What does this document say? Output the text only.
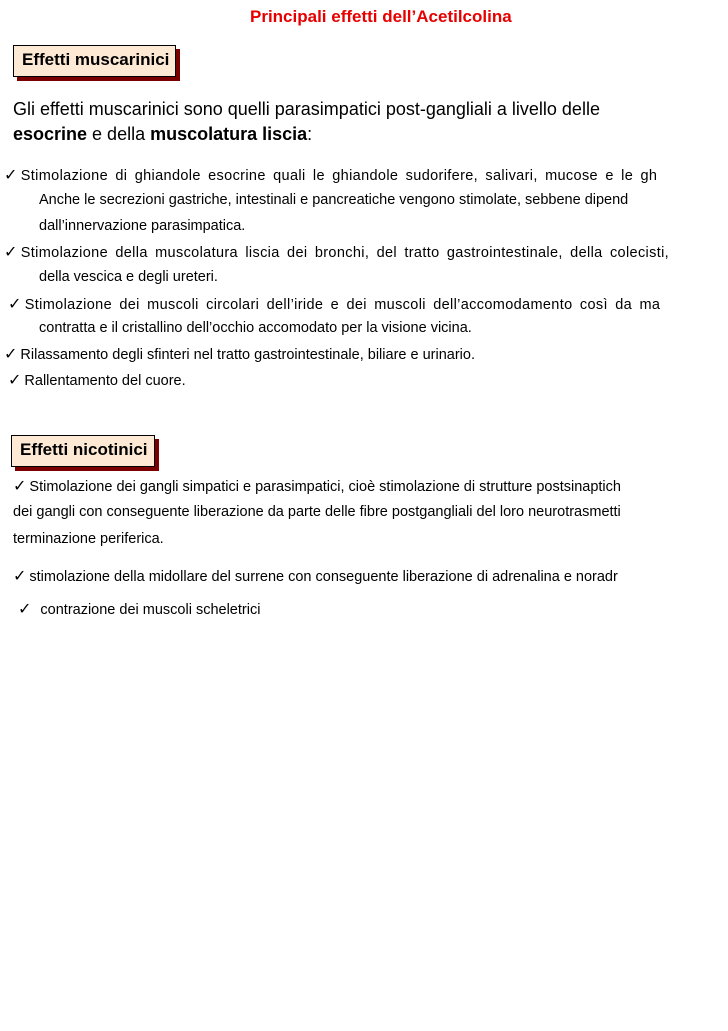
Principali effetti dell’Acetilcolina
Effetti muscarinici
Gli effetti muscarinici sono quelli parasimpatici post-gangliali a livello delle
esocrine e della muscolatura liscia:
✓ Stimolazione di ghiandole esocrine quali le ghiandole sudorifere, salivari, mucose e le gh
Anche le secrezioni gastriche, intestinali e pancreatiche vengono stimolate, sebbene dipend
dall’innervazione parasimpatica.
✓ Stimolazione della muscolatura liscia dei bronchi, del tratto gastrointestinale, della colecisti,
della vescica e degli ureteri.
✓ Stimolazione dei muscoli circolari dell’iride e dei muscoli dell’accomodamento così da ma
contratta e il cristallino dell’occhio accomodato per la visione vicina.
✓ Rilassamento degli sfinteri nel tratto gastrointestinale, biliare e urinario.
✓ Rallentamento del cuore.
Effetti nicotinici
✓ Stimolazione dei gangli simpatici e parasimpatici, cioè stimolazione di strutture postsinaptich
dei gangli con conseguente liberazione da parte delle fibre postgangliali del loro neurotrasmetti
terminazione periferica.
✓ stimolazione della midollare del surrene con conseguente liberazione di adrenalina e noradr
✓ contrazione dei muscoli scheletrici
